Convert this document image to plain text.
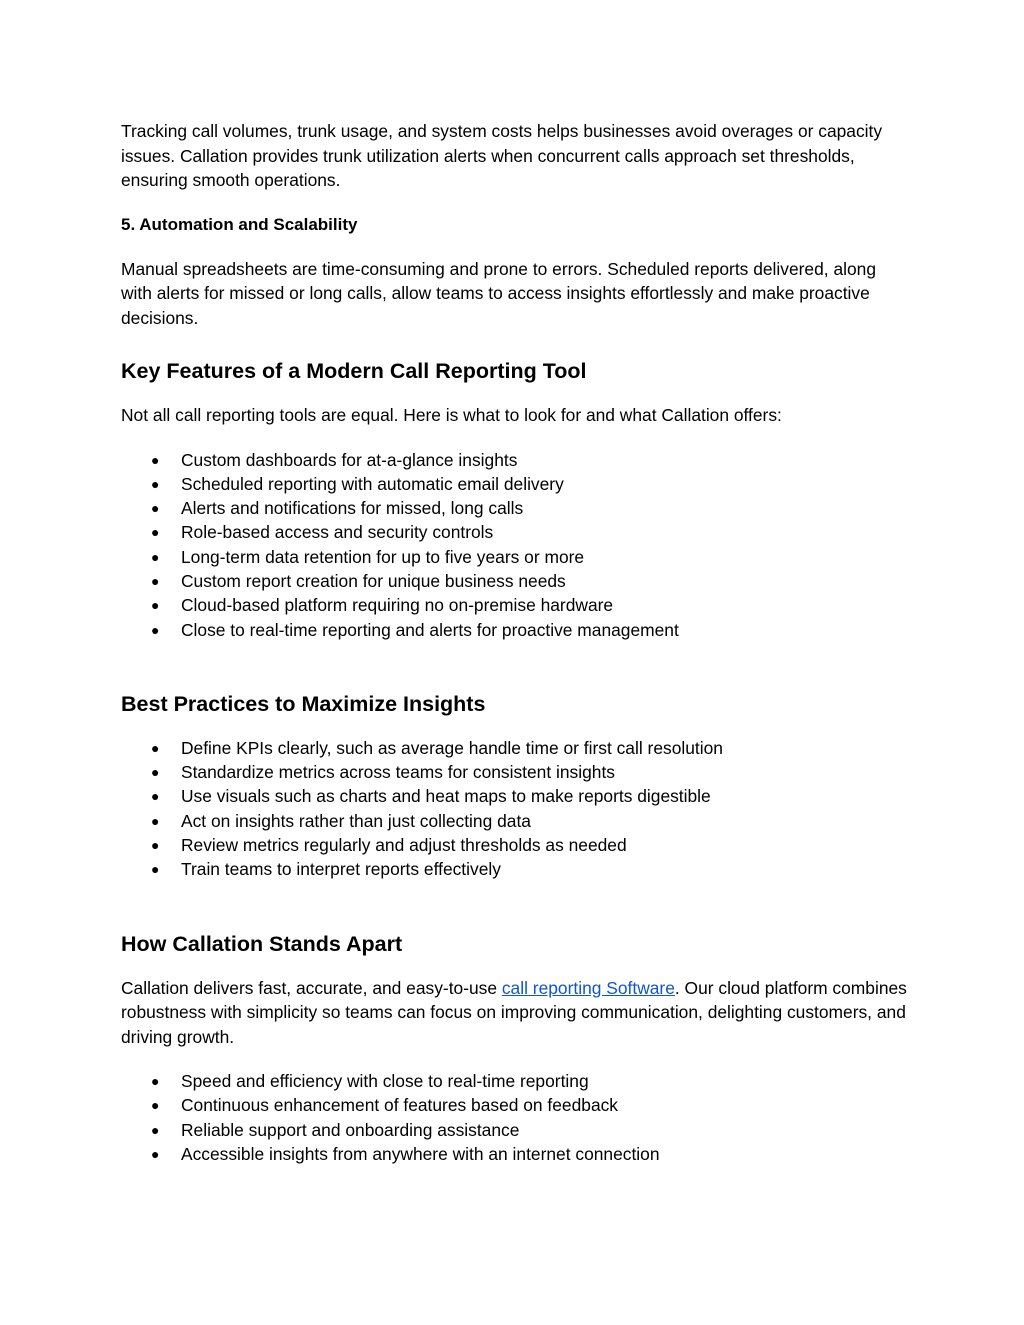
Tracking call volumes, trunk usage, and system costs helps businesses avoid overages or capacity issues. Callation provides trunk utilization alerts when concurrent calls approach set thresholds, ensuring smooth operations.

5. Automation and Scalability

Manual spreadsheets are time-consuming and prone to errors. Scheduled reports delivered, along with alerts for missed or long calls, allow teams to access insights effortlessly and make proactive decisions.

Key Features of a Modern Call Reporting Tool

Not all call reporting tools are equal. Here is what to look for and what Callation offers:

● Custom dashboards for at-a-glance insights
● Scheduled reporting with automatic email delivery
● Alerts and notifications for missed, long calls
● Role-based access and security controls
● Long-term data retention for up to five years or more
● Custom report creation for unique business needs
● Cloud-based platform requiring no on-premise hardware
● Close to real-time reporting and alerts for proactive management
Best Practices to Maximize Insights
● Define KPIs clearly, such as average handle time or first call resolution
● Standardize metrics across teams for consistent insights
● Use visuals such as charts and heat maps to make reports digestible
● Act on insights rather than just collecting data
● Review metrics regularly and adjust thresholds as needed
● Train teams to interpret reports effectively
How Callation Stands Apart

Callation delivers fast, accurate, and easy-to-use call reporting Software. Our cloud platform combines robustness with simplicity so teams can focus on improving communication, delighting customers, and driving growth.

● Speed and efficiency with close to real-time reporting
● Continuous enhancement of features based on feedback
● Reliable support and onboarding assistance
● Accessible insights from anywhere with an internet connection
